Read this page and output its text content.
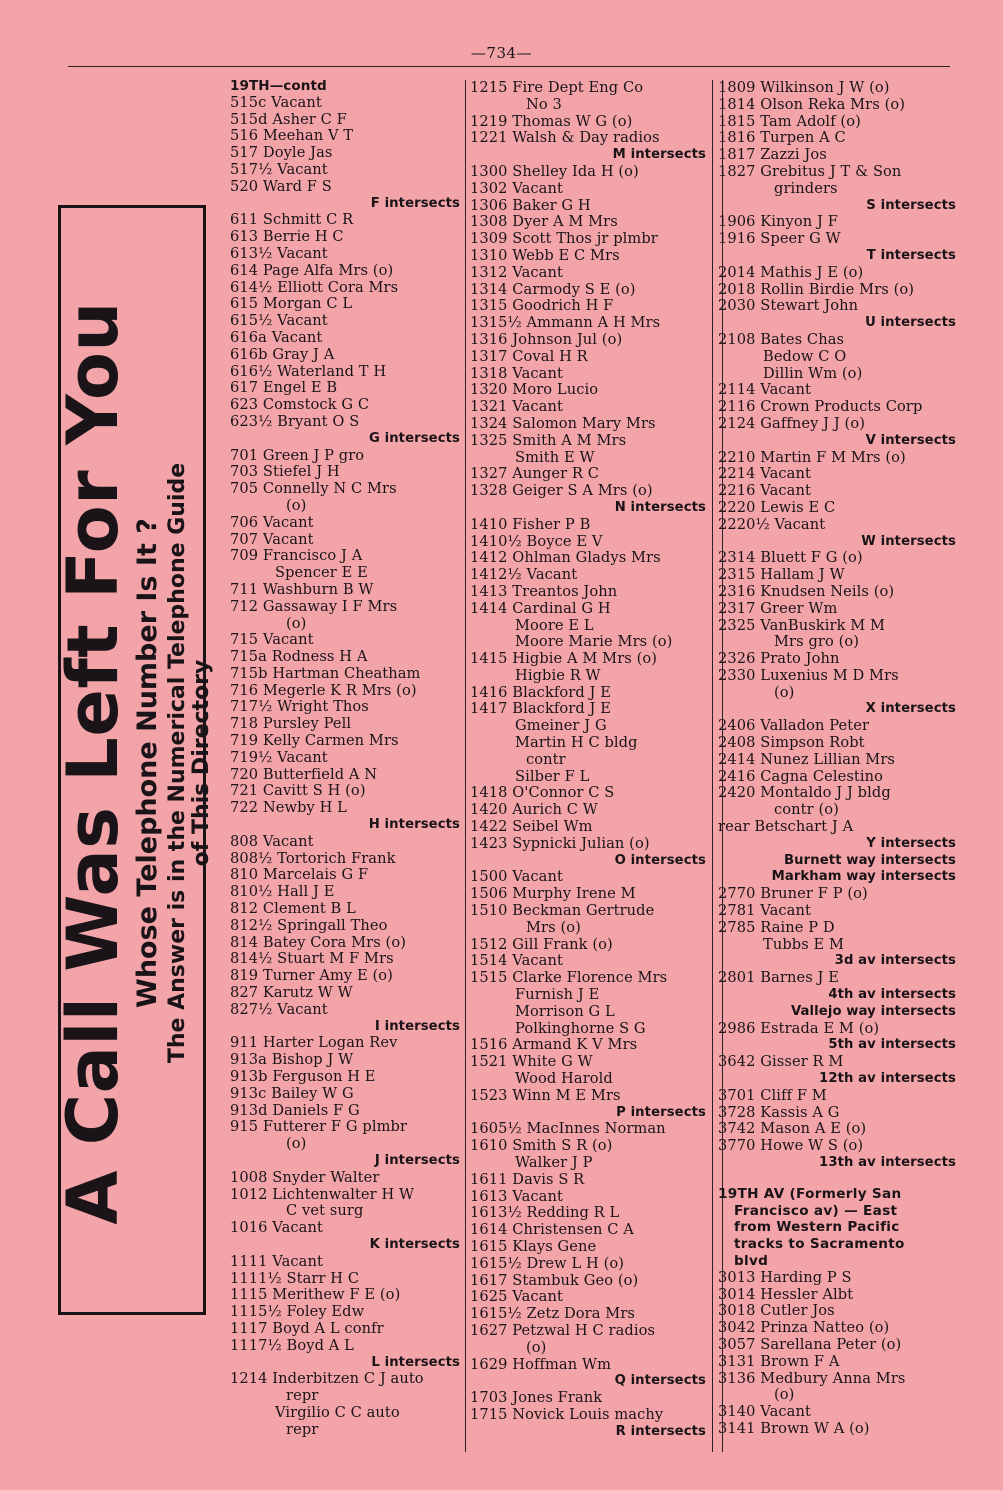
—734—
A Call Was Left For You
Whose Telephone Number Is It ? The Answer is in the Numerical Telephone Guide of This Directory
19TH—contd
515c Vacant
515d Asher C F
516 Meehan V T
517 Doyle Jas
517½ Vacant
520 Ward F S
F intersects
611 Schmitt C R
613 Berrie H C
613½ Vacant
614 Page Alfa Mrs (o)
614½ Elliott Cora Mrs
615 Morgan C L
615½ Vacant
616a Vacant
616b Gray J A
616½ Waterland T H
617 Engel E B
623 Comstock G C
623½ Bryant O S
G intersects
701 Green J P gro
703 Stiefel J H
705 Connelly N C Mrs
(o)
706 Vacant
707 Vacant
709 Francisco J A
Spencer E E
711 Washburn B W
712 Gassaway I F Mrs
(o)
715 Vacant
715a Rodness H A
715b Hartman Cheatham
716 Megerle K R Mrs (o)
717½ Wright Thos
718 Pursley Pell
719 Kelly Carmen Mrs
719½ Vacant
720 Butterfield A N
721 Cavitt S H (o)
722 Newby H L
H intersects
808 Vacant
808½ Tortorich Frank
810 Marcelais G F
810½ Hall J E
812 Clement B L
812½ Springall Theo
814 Batey Cora Mrs (o)
814½ Stuart M F Mrs
819 Turner Amy E (o)
827 Karutz W W
827½ Vacant
I intersects
911 Harter Logan Rev
913a Bishop J W
913b Ferguson H E
913c Bailey W G
913d Daniels F G
915 Futterer F G plmbr
(o)
J intersects
1008 Snyder Walter
1012 Lichtenwalter H W
C vet surg
1016 Vacant
K intersects
1111 Vacant
1111½ Starr H C
1115 Merithew F E (o)
1115½ Foley Edw
1117 Boyd A L confr
1117½ Boyd A L
L intersects
1214 Inderbitzen C J auto
repr
Virgilio C C auto
repr
1215 Fire Dept Eng Co
No 3
1219 Thomas W G (o)
1221 Walsh & Day radios
M intersects
1300 Shelley Ida H (o)
1302 Vacant
1306 Baker G H
1308 Dyer A M Mrs
1309 Scott Thos jr plmbr
1310 Webb E C Mrs
1312 Vacant
1314 Carmody S E (o)
1315 Goodrich H F
1315½ Ammann A H Mrs
1316 Johnson Jul (o)
1317 Coval H R
1318 Vacant
1320 Moro Lucio
1321 Vacant
1324 Salomon Mary Mrs
1325 Smith A M Mrs
Smith E W
1327 Aunger R C
1328 Geiger S A Mrs (o)
N intersects
1410 Fisher P B
1410½ Boyce E V
1412 Ohlman Gladys Mrs
1412½ Vacant
1413 Treantos John
1414 Cardinal G H
Moore E L
Moore Marie Mrs (o)
1415 Higbie A M Mrs (o)
Higbie R W
1416 Blackford J E
1417 Blackford J E
Gmeiner J G
Martin H C bldg
contr
Silber F L
1418 O'Connor C S
1420 Aurich C W
1422 Seibel Wm
1423 Sypnicki Julian (o)
O intersects
1500 Vacant
1506 Murphy Irene M
1510 Beckman Gertrude
Mrs (o)
1512 Gill Frank (o)
1514 Vacant
1515 Clarke Florence Mrs
Furnish J E
Morrison G L
Polkinghorne S G
1516 Armand K V Mrs
1521 White G W
Wood Harold
1523 Winn M E Mrs
P intersects
1605½ MacInnes Norman
1610 Smith S R (o)
Walker J P
1611 Davis S R
1613 Vacant
1613½ Redding R L
1614 Christensen C A
1615 Klays Gene
1615½ Drew L H (o)
1617 Stambuk Geo (o)
1625 Vacant
1615½ Zetz Dora Mrs
1627 Petzwal H C radios
(o)
1629 Hoffman Wm
Q intersects
1703 Jones Frank
1715 Novick Louis machy
R intersects
1809 Wilkinson J W (o)
1814 Olson Reka Mrs (o)
1815 Tam Adolf (o)
1816 Turpen A C
1817 Zazzi Jos
1827 Grebitus J T & Son
grinders
S intersects
1906 Kinyon J F
1916 Speer G W
T intersects
2014 Mathis J E (o)
2018 Rollin Birdie Mrs (o)
2030 Stewart John
U intersects
2108 Bates Chas
Bedow C O
Dillin Wm (o)
2114 Vacant
2116 Crown Products Corp
2124 Gaffney J J (o)
V intersects
2210 Martin F M Mrs (o)
2214 Vacant
2216 Vacant
2220 Lewis E C
2220½ Vacant
W intersects
2314 Bluett F G (o)
2315 Hallam J W
2316 Knudsen Neils (o)
2317 Greer Wm
2325 VanBuskirk M M
Mrs gro (o)
2326 Prato John
2330 Luxenius M D Mrs
(o)
X intersects
2406 Valladon Peter
2408 Simpson Robt
2414 Nunez Lillian Mrs
2416 Cagna Celestino
2420 Montaldo J J bldg
contr (o)
rear Betschart J A
Y intersects
Burnett way intersects
Markham way intersects
2770 Bruner F P (o)
2781 Vacant
2785 Raine P D
Tubbs E M
3d av intersects
2801 Barnes J E
4th av intersects
Vallejo way intersects
2986 Estrada E M (o)
5th av intersects
3642 Gisser R M
12th av intersects
3701 Cliff F M
3728 Kassis A G
3742 Mason A E (o)
3770 Howe W S (o)
13th av intersects
19TH AV (Formerly San
Francisco av) — East
from Western Pacific
tracks to Sacramento
blvd
3013 Harding P S
3014 Hessler Albt
3018 Cutler Jos
3042 Prinza Natteo (o)
3057 Sarellana Peter (o)
3131 Brown F A
3136 Medbury Anna Mrs
(o)
3140 Vacant
3141 Brown W A (o)
